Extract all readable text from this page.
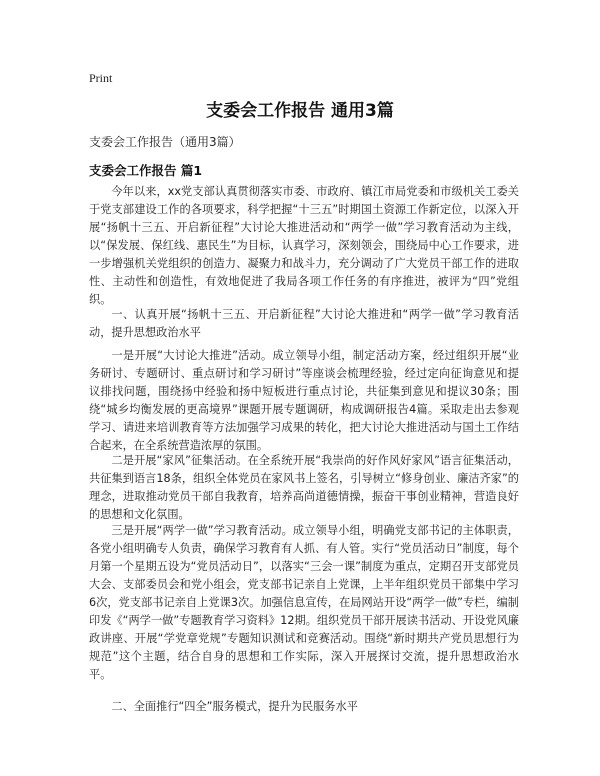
Print
支委会工作报告 通用3篇
支委会工作报告（通用3篇）
支委会工作报告 篇1

今年以来，xx党支部认真贯彻落实市委、市政府、镇江市局党委和市级机关工委关于党支部建设工作的各项要求，科学把握“十三五”时期国土资源工作新定位，以深入开展“扬帆十三五、开启新征程”大讨论大推进活动和“两学一做”学习教育活动为主线，以“保发展、保红线、惠民生”为目标，认真学习，深刻领会，围绕局中心工作要求，进一步增强机关党组织的创造力、凝聚力和战斗力，充分调动了广大党员干部工作的进取性、主动性和创造性，有效地促进了我局各项工作任务的有序推进，被评为“四”党组织。

一、认真开展“扬帆十三五、开启新征程”大讨论大推进和“两学一做”学习教育活动，提升思想政治水平

一是开展“大讨论大推进”活动。成立领导小组，制定活动方案，经过组织开展“业务研讨、专题研讨、重点研讨和学习研讨”等座谈会梳理经验，经过定向征询意见和提议排找问题，围绕扬中经验和扬中短板进行重点讨论，共征集到意见和提议30条；围绕“城乡均衡发展的更高境界”课题开展专题调研，构成调研报告4篇。采取走出去参观学习、请进来培训教育等方法加强学习成果的转化，把大讨论大推进活动与国土工作结合起来，在全系统营造浓厚的氛围。

二是开展“家风”征集活动。在全系统开展“我崇尚的好作风好家风”语言征集活动，共征集到语言18条，组织全体党员在家风书上签名，引导树立“修身创业、廉洁齐家”的理念，进取推动党员干部自我教育，培养高尚道德情操，振奋干事创业精神，营造良好的思想和文化氛围。

三是开展“两学一做”学习教育活动。成立领导小组，明确党支部书记的主体职责，各党小组明确专人负责，确保学习教育有人抓、有人管。实行“党员活动日”制度，每个月第一个星期五设为“党员活动日”，以落实“三会一课”制度为重点，定期召开支部党员大会、支部委员会和党小组会，党支部书记亲自上党课，上半年组织党员干部集中学习6次，党支部书记亲自上党课3次。加强信息宣传，在局网站开设“两学一做”专栏，编制印发《“两学一做”专题教育学习资料》12期。组织党员干部开展读书活动、开设党风廉政讲座、开展“学党章党规”专题知识测试和竞赛活动。围绕“新时期共产党员思想行为规范”这个主题，结合自身的思想和工作实际，深入开展探讨交流，提升思想政治水平。

二、全面推行“四全”服务模式，提升为民服务水平
